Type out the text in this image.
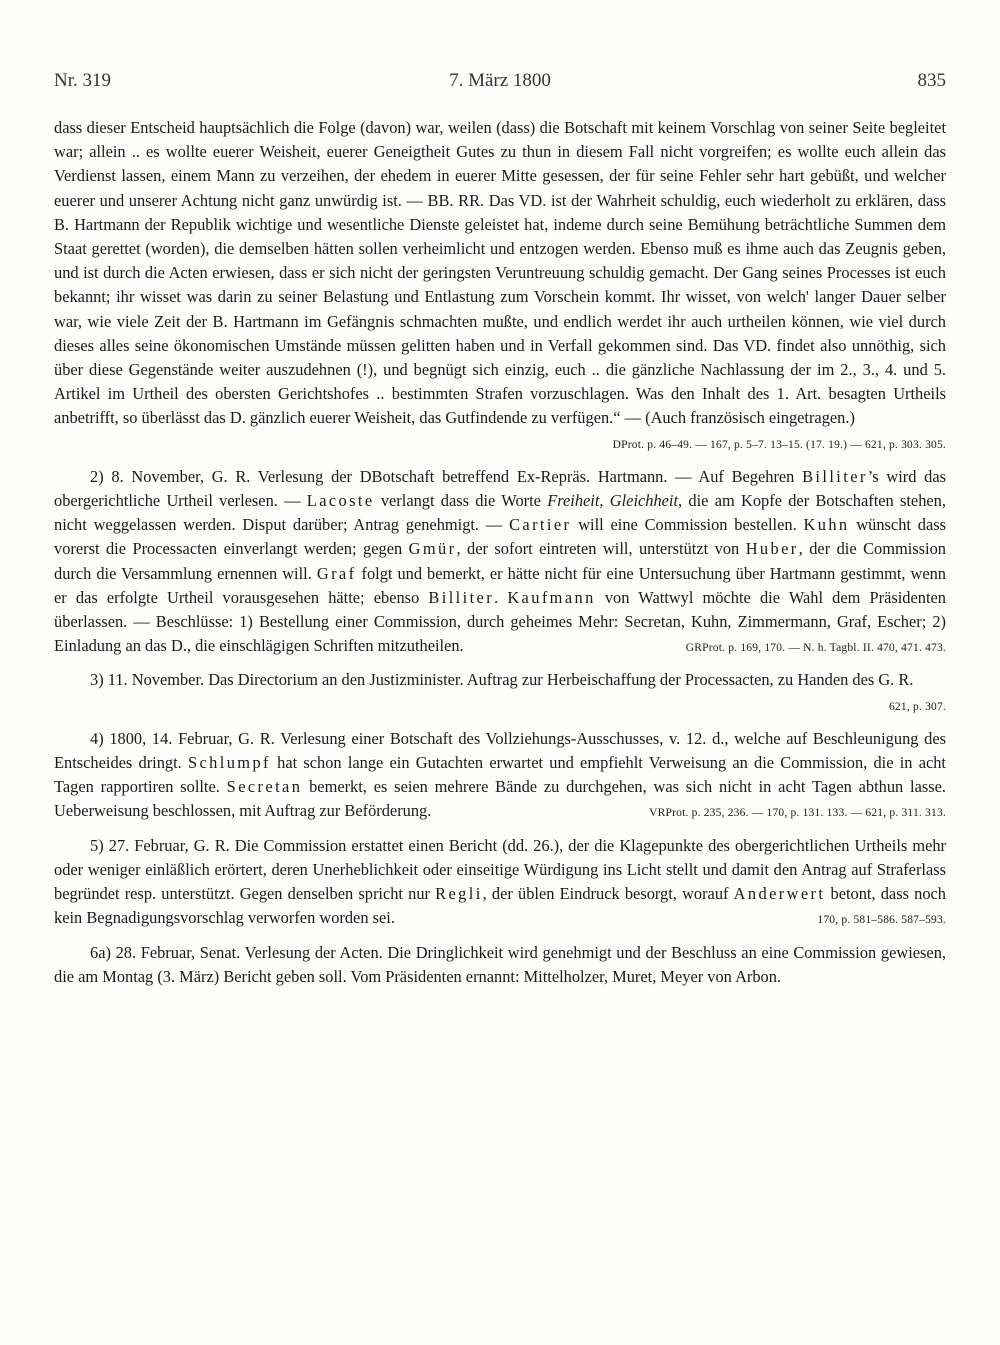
Nr. 319	7. März 1800	835

dass dieser Entscheid hauptsächlich die Folge (davon) war, weilen (dass) die Botschaft mit keinem Vorschlag von seiner Seite begleitet war; allein .. es wollte euerer Weisheit, euerer Geneigtheit Gutes zu thun in diesem Fall nicht vorgreifen; es wollte euch allein das Verdienst lassen, einem Mann zu verzeihen, der ehedem in euerer Mitte gesessen, der für seine Fehler sehr hart gebüßt, und welcher euerer und unserer Achtung nicht ganz unwürdig ist. — BB. RR. Das VD. ist der Wahrheit schuldig, euch wiederholt zu erklären, dass B. Hartmann der Republik wichtige und wesentliche Dienste geleistet hat, indeme durch seine Bemühung beträchtliche Summen dem Staat gerettet (worden), die demselben hätten sollen verheimlicht und entzogen werden. Ebenso muß es ihme auch das Zeugnis geben, und ist durch die Acten erwiesen, dass er sich nicht der geringsten Veruntreuung schuldig gemacht. Der Gang seines Processes ist euch bekannt; ihr wisset was darin zu seiner Belastung und Entlastung zum Vorschein kommt. Ihr wisset, von welch' langer Dauer selber war, wie viele Zeit der B. Hartmann im Gefängnis schmachten mußte, und endlich werdet ihr auch urtheilen können, wie viel durch dieses alles seine ökonomischen Umstände müssen gelitten haben und in Verfall gekommen sind. Das VD. findet also unnöthig, sich über diese Gegenstände weiter auszudehnen (!), und begnügt sich einzig, euch .. die gänzliche Nachlassung der im 2., 3., 4. und 5. Artikel im Urtheil des obersten Gerichtshofes .. bestimmten Strafen vorzuschlagen. Was den Inhalt des 1. Art. besagten Urtheils anbetrifft, so überlässt das D. gänzlich euerer Weisheit, das Gutfindende zu verfügen.“ — (Auch französisch eingetragen.)
DProt. p. 46–49. — 167, p. 5–7. 13–15. (17. 19.) — 621, p. 303. 305.

2) 8. November, G. R. Verlesung der DBotschaft betreffend Ex-Repräs. Hartmann. — Auf Begehren Billiter’s wird das obergerichtliche Urtheil verlesen. — Lacoste verlangt dass die Worte Freiheit, Gleichheit, die am Kopfe der Botschaften stehen, nicht weggelassen werden. Disput darüber; Antrag genehmigt. — Cartier will eine Commission bestellen. Kuhn wünscht dass vorerst die Processacten einverlangt werden; gegen Gmür, der sofort eintreten will, unterstützt von Huber, der die Commission durch die Versammlung ernennen will. Graf folgt und bemerkt, er hätte nicht für eine Untersuchung über Hartmann gestimmt, wenn er das erfolgte Urtheil vorausgesehen hätte; ebenso Billiter. Kaufmann von Wattwyl möchte die Wahl dem Präsidenten überlassen. — Beschlüsse: 1) Bestellung einer Commission, durch geheimes Mehr: Secretan, Kuhn, Zimmermann, Graf, Escher; 2) Einladung an das D., die einschlägigen Schriften mitzutheilen.	GRProt. p. 169, 170. — N. h. Tagbl. II. 470, 471. 473.

3) 11. November. Das Directorium an den Justizminister. Auftrag zur Herbeischaffung der Processacten, zu Handen des G. R.
621, p. 307.

4) 1800, 14. Februar, G. R. Verlesung einer Botschaft des Vollziehungs-Ausschusses, v. 12. d., welche auf Beschleunigung des Entscheides dringt. Schlumpf hat schon lange ein Gutachten erwartet und empfiehlt Verweisung an die Commission, die in acht Tagen rapportiren sollte. Secretan bemerkt, es seien mehrere Bände zu durchgehen, was sich nicht in acht Tagen abthun lasse. Ueberweisung beschlossen, mit Auftrag zur Beförderung.	VRProt. p. 235, 236. — 170, p. 131. 133. — 621, p. 311. 313.

5) 27. Februar, G. R. Die Commission erstattet einen Bericht (dd. 26.), der die Klagepunkte des obergerichtlichen Urtheils mehr oder weniger einläßlich erörtert, deren Unerheblichkeit oder einseitige Würdigung ins Licht stellt und damit den Antrag auf Straferlass begründet resp. unterstützt. Gegen denselben spricht nur Regli, der üblen Eindruck besorgt, worauf Anderwert betont, dass noch kein Begnadigungsvorschlag verworfen worden sei.	170, p. 581–586. 587–593.

6a) 28. Februar, Senat. Verlesung der Acten. Die Dringlichkeit wird genehmigt und der Beschluss an eine Commission gewiesen, die am Montag (3. März) Bericht geben soll. Vom Präsidenten ernannt: Mittelholzer, Muret, Meyer von Arbon.
